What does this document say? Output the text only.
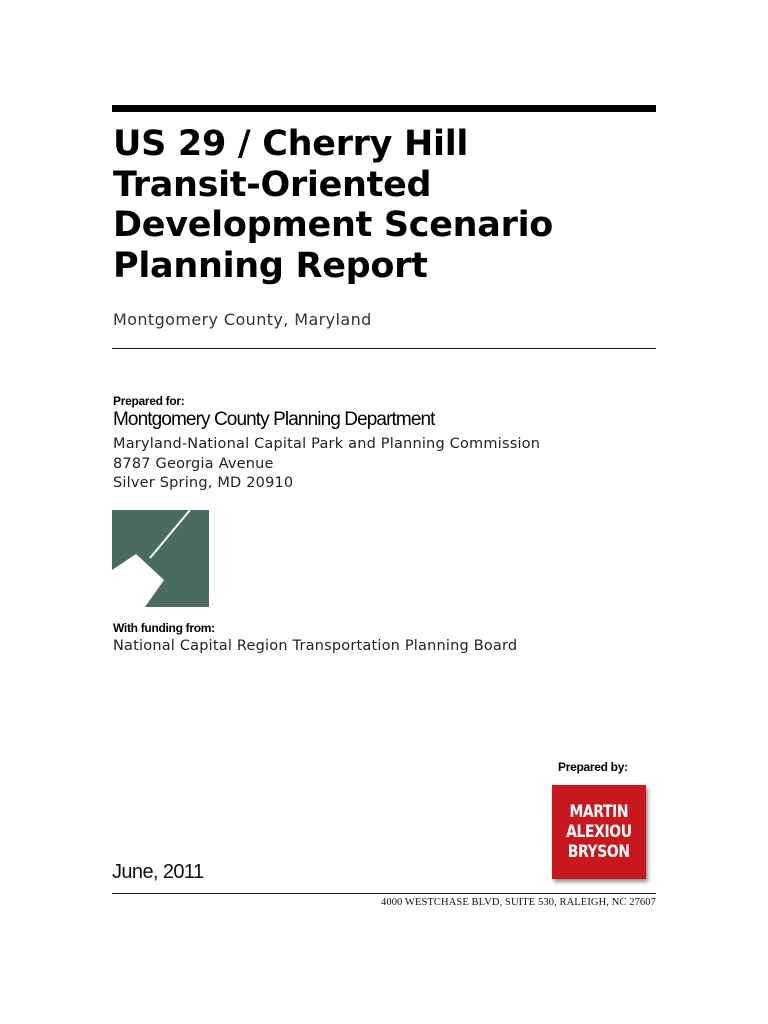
US 29 / Cherry Hill
Transit-Oriented
Development Scenario
Planning Report
Montgomery County, Maryland
Prepared for:
Montgomery County Planning Department
Maryland-National Capital Park and Planning Commission
8787 Georgia Avenue
Silver Spring, MD 20910
With funding from:
National Capital Region Transportation Planning Board
Prepared by:
MARTIN
ALEXIOU
BRYSON
June, 2011
4000 WESTCHASE BLVD, SUITE 530, RALEIGH, NC 27607
